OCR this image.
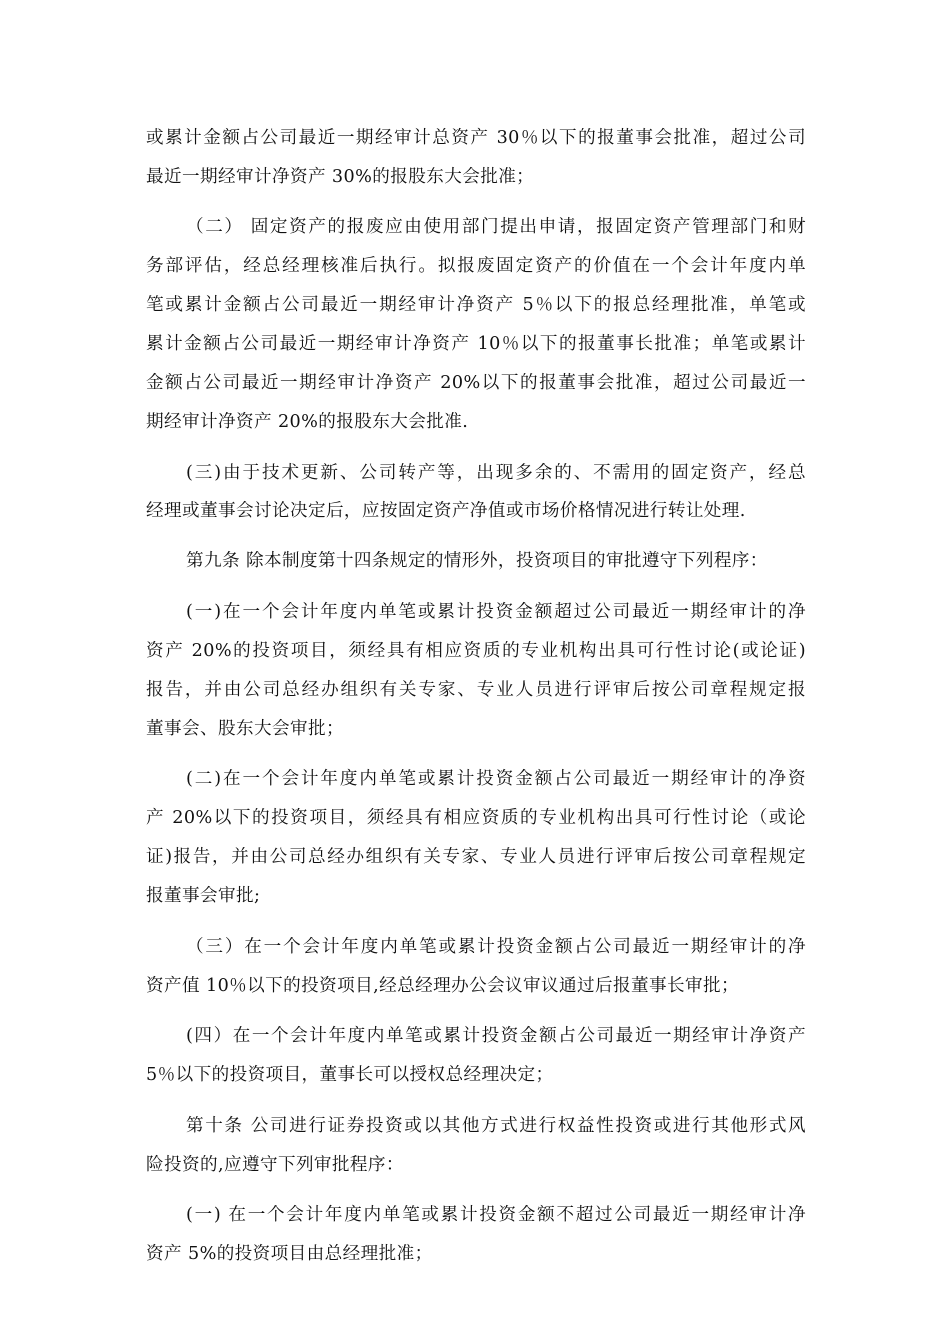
或累计金额占公司最近一期经审计总资产 30％以下的报董事会批准，超过公司
最近一期经审计净资产 30%的报股东大会批准；
（二） 固定资产的报废应由使用部门提出申请，报固定资产管理部门和财
务部评估，经总经理核准后执行。拟报废固定资产的价值在一个会计年度内单
笔或累计金额占公司最近一期经审计净资产 5％以下的报总经理批准，单笔或
累计金额占公司最近一期经审计净资产 10％以下的报董事长批准；单笔或累计
金额占公司最近一期经审计净资产 20%以下的报董事会批准，超过公司最近一
期经审计净资产 20%的报股东大会批准.
(三)由于技术更新、公司转产等，出现多余的、不需用的固定资产，经总
经理或董事会讨论决定后，应按固定资产净值或市场价格情况进行转让处理.
第九条 除本制度第十四条规定的情形外，投资项目的审批遵守下列程序：
(一)在一个会计年度内单笔或累计投资金额超过公司最近一期经审计的净
资产 20%的投资项目，须经具有相应资质的专业机构出具可行性讨论(或论证)
报告，并由公司总经办组织有关专家、专业人员进行评审后按公司章程规定报
董事会、股东大会审批；
(二)在一个会计年度内单笔或累计投资金额占公司最近一期经审计的净资
产 20%以下的投资项目，须经具有相应资质的专业机构出具可行性讨论（或论
证)报告，并由公司总经办组织有关专家、专业人员进行评审后按公司章程规定
报董事会审批;
（三）在一个会计年度内单笔或累计投资金额占公司最近一期经审计的净
资产值 10％以下的投资项目,经总经理办公会议审议通过后报董事长审批；
(四）在一个会计年度内单笔或累计投资金额占公司最近一期经审计净资产
5％以下的投资项目，董事长可以授权总经理决定；
第十条 公司进行证券投资或以其他方式进行权益性投资或进行其他形式风
险投资的,应遵守下列审批程序：
(一) 在一个会计年度内单笔或累计投资金额不超过公司最近一期经审计净
资产 5%的投资项目由总经理批准；
